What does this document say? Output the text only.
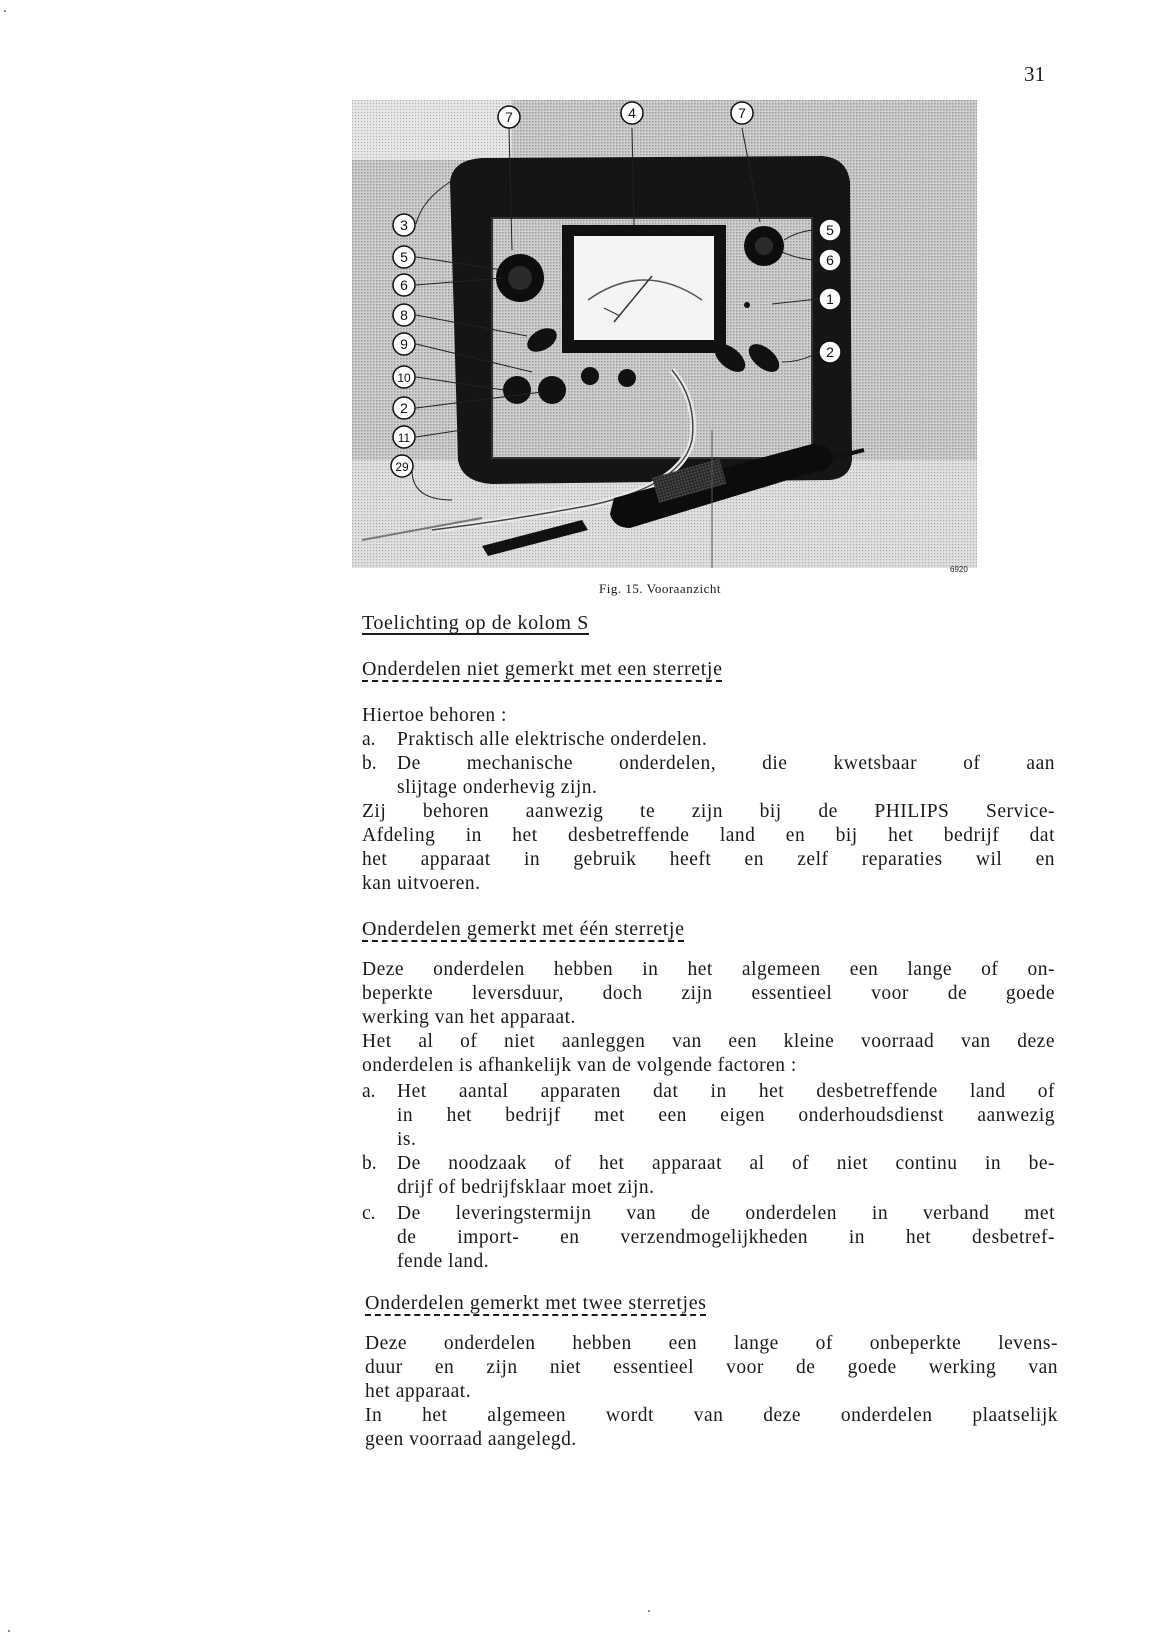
31
7	4	7
3
5
6
8
9
10
2
11
29
5
6
1
2
6920
Fig. 15. Vooraanzicht
Toelichting op de kolom S
Onderdelen niet gemerkt met een sterretje
Hiertoe behoren :
a. Praktisch alle elektrische onderdelen.
b. De mechanische onderdelen, die kwetsbaar of aan
slijtage onderhevig zijn.
Zij behoren aanwezig te zijn bij de PHILIPS Service-
Afdeling in het desbetreffende land en bij het bedrijf dat
het apparaat in gebruik heeft en zelf reparaties wil en
kan uitvoeren.
Onderdelen gemerkt met één sterretje
Deze onderdelen hebben in het algemeen een lange of on-
beperkte leversduur, doch zijn essentieel voor de goede
werking van het apparaat.
Het al of niet aanleggen van een kleine voorraad van deze
onderdelen is afhankelijk van de volgende factoren :
a. Het aantal apparaten dat in het desbetreffende land of
in het bedrijf met een eigen onderhoudsdienst aanwezig
is.
b. De noodzaak of het apparaat al of niet continu in be-
drijf of bedrijfsklaar moet zijn.
c. De leveringstermijn van de onderdelen in verband met
de import- en verzendmogelijkheden in het desbetref-
fende land.
Onderdelen gemerkt met twee sterretjes
Deze onderdelen hebben een lange of onbeperkte levens-
duur en zijn niet essentieel voor de goede werking van
het apparaat.
In het algemeen wordt van deze onderdelen plaatselijk
geen voorraad aangelegd.
